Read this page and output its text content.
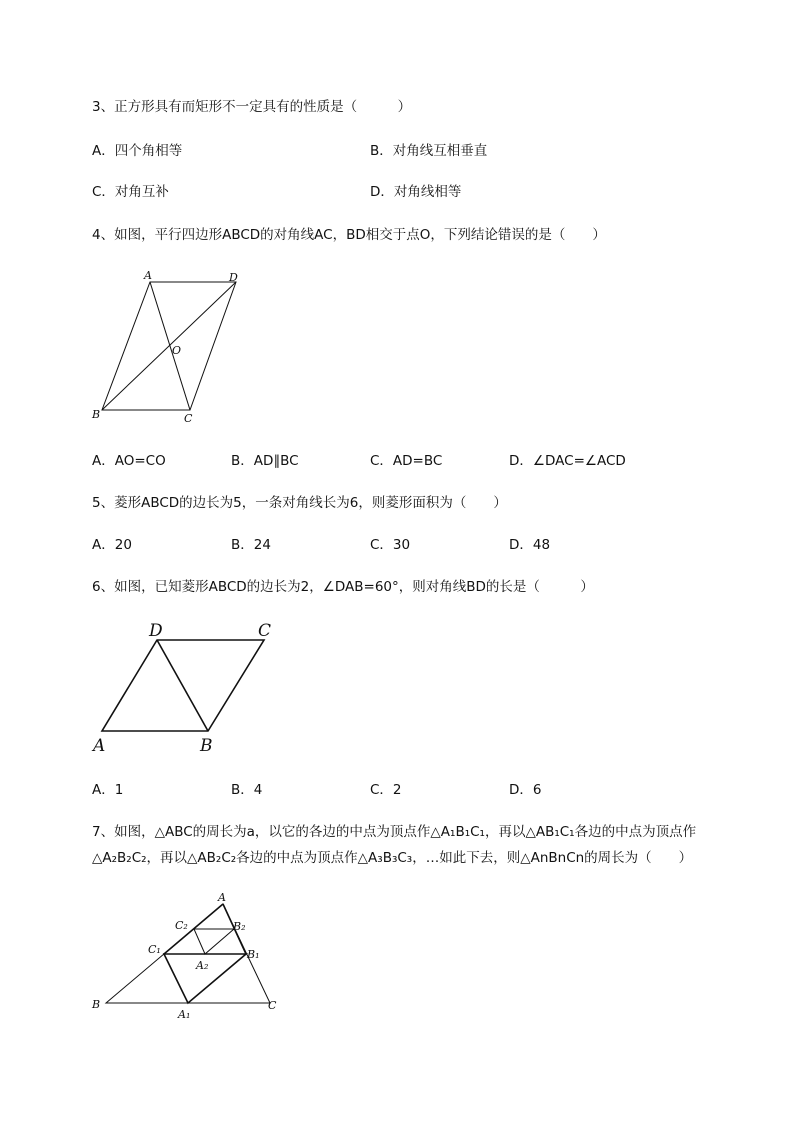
3、正方形具有而矩形不一定具有的性质是（　　　）
A．四个角相等	B．对角线互相垂直
C．对角互补	D．对角线相等
4、如图，平行四边形ABCD的对角线AC，BD相交于点O，下列结论错误的是（　　）
A	D
O
B	C
A．AO=CO	B．AD∥BC	C．AD=BC	D．∠DAC=∠ACD
5、菱形ABCD的边长为5，一条对角线长为6，则菱形面积为（　　）
A．20	B．24	C．30	D．48
6、如图，已知菱形ABCD的边长为2，∠DAB=60°，则对角线BD的长是（　　　）
D	C
A	B
A．1	B．4	C．2	D．6
7、如图，△ABC的周长为a，以它的各边的中点为顶点作△A₁B₁C₁，再以△AB₁C₁各边的中点为顶点作
△A₂B₂C₂，再以△AB₂C₂各边的中点为顶点作△A₃B₃C₃，…如此下去，则△AnBnCn的周长为（　　）
A
C₂	B₂
C₁	B₁
A₂
B
A₁
C
